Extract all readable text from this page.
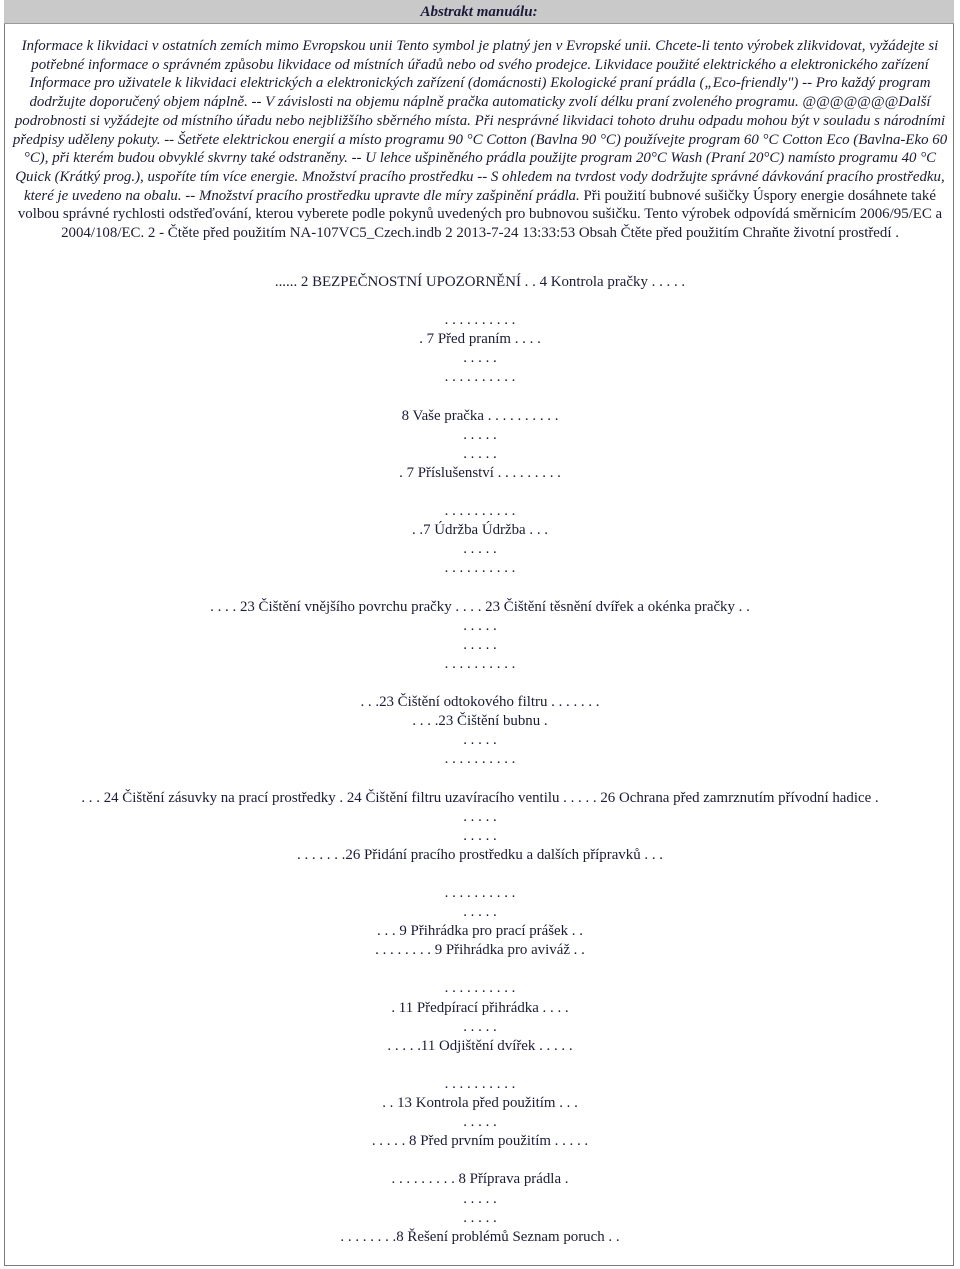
Abstrakt manuálu:

Informace k likvidaci v ostatních zemích mimo Evropskou unii Tento symbol je platný jen v Evropské unii. Chcete-li tento výrobek zlikvidovat, vyžádejte si potřebné informace o správném způsobu likvidace od místních úřadů nebo od svého prodejce. Likvidace použité elektrického a elektronického zařízení Informace pro uživatele k likvidaci elektrických a elektronických zařízení (domácnosti) Ekologické praní prádla („Eco-friendly") -- Pro každý program dodržujte doporučený objem náplně. -- V závislosti na objemu náplně pračka automaticky zvolí délku praní zvoleného programu. @@@@@@@Další podrobnosti si vyžádejte od místního úřadu nebo nejbližšího sběrného místa. Při nesprávné likvidaci tohoto druhu odpadu mohou být v souladu s národními předpisy uděleny pokuty. -- Šetřete elektrickou energií a místo programu 90 °C Cotton (Bavlna 90 °C) používejte program 60 °C Cotton Eco (Bavlna-Eko 60 °C), při kterém budou obvyklé skvrny také odstraněny. -- U lehce ušpiněného prádla použijte program 20°C Wash (Praní 20°C) namísto programu 40 °C Quick (Krátký prog.), uspoříte tím více energie. Množství pracího prostředku -- S ohledem na tvrdost vody dodržujte správné dávkování pracího prostředku, které je uvedeno na obalu. -- Množství pracího prostředku upravte dle míry zašpinění prádla. Při použití bubnové sušičky Úspory energie dosáhnete také volbou správné rychlosti odstřeďování, kterou vyberete podle pokynů uvedených pro bubnovou sušičku. Tento výrobek odpovídá směrnicím 2006/95/EC a 2004/108/EC. 2 - Čtěte před použitím NA-107VC5_Czech.indb 2 2013-7-24 13:33:53 Obsah Čtěte před použitím Chraňte životní prostředí .

...... 2 BEZPEČNOSTNÍ UPOZORNĚNÍ . . 4 Kontrola pračky . . . . .
. . . . . . . . . .
. 7 Před praním . . . .
. . . . .
. . . . . . . . . .
8 Vaše pračka . . . . . . . . . .
. . . . .
. . . . .
. 7 Příslušenství . . . . . . . . .
. . . . . . . . . .
. .7 Údržba Údržba . . .
. . . . .
. . . . . . . . . .
. . . . 23 Čištění vnějšího povrchu pračky . . . . 23 Čištění těsnění dvířek a okénka pračky . .
. . . . .
. . . . .
. . . . . . . . . .
. . .23 Čištění odtokového filtru . . . . . . .
. . . .23 Čištění bubnu .
. . . . .
. . . . . . . . . .
. . . 24 Čištění zásuvky na prací prostředky . 24 Čištění filtru uzavíracího ventilu . . . . . 26 Ochrana před zamrznutím přívodní hadice .
. . . . .
. . . . .
. . . . . . .26 Přidání pracího prostředku a dalších přípravků . . .
. . . . . . . . . .
. . . . .
. . . 9 Přihrádka pro prací prášek . .
. . . . . . . . 9 Přihrádka pro aviváž . .
. . . . . . . . . .
. 11 Předpírací přihrádka . . . .
. . . . .
. . . . .11 Odjištění dvířek . . . . .
. . . . . . . . . .
. . 13 Kontrola před použitím . . .
. . . . .
. . . . . 8 Před prvním použitím . . . . .
. . . . . . . . . 8 Příprava prádla .
. . . . .
. . . . .
. . . . . . . .8 Řešení problémů Seznam poruch . .
